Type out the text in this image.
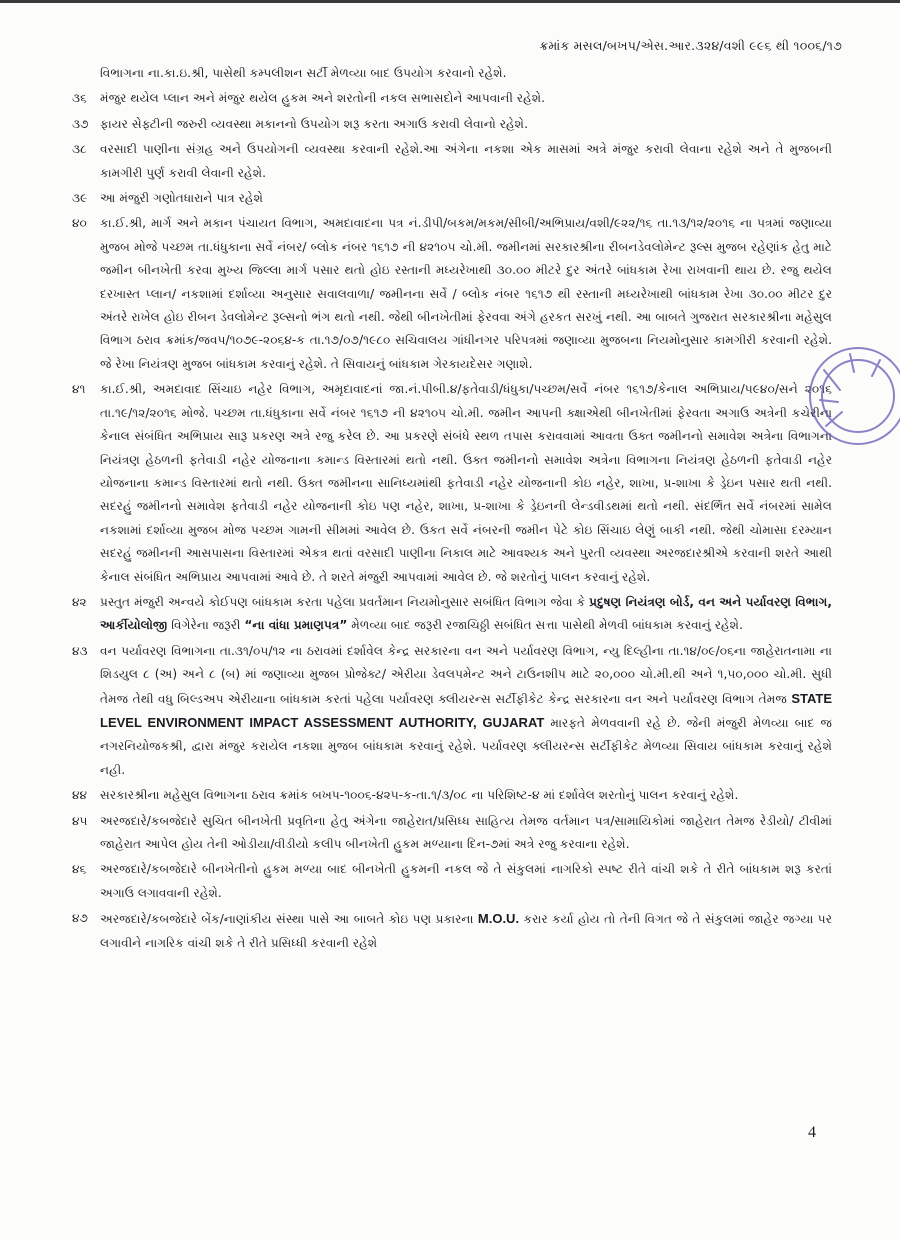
ક્રમાંક મસલ/બખપ/એસ.આર.૩૨૪/વશી ૯૯૬ થી ૧૦૦૬/૧૭
વિભાગના ના.કા.ઇ.શ્રી, પાસેથી કમ્પલીશન સર્ટી મેળવ્યા બાદ ઉપયોગ કરવાનો રહેશે.
૩૬	મંજુર થયેલ પ્લાન અને મંજુર થયેલ હુકમ અને શરતોની નકલ સભાસદોને આપવાની રહેશે.
૩૭ ફાયર સેફ્ટીની જરુરી વ્યવસ્થા મકાનનો ઉપયોગ શરૂ કરતા અગાઉ કરાવી લેવાનો રહેશે.
૩૮	વરસાદી પાણીના સંગ્રહ અને ઉપયોગની વ્યવસ્થા કરવાની રહેશે.આ અંગેના નકશા એક માસમાં અત્રે મંજુર કરાવી લેવાના રહેશે અને તે મુજબની કામગીરી પુર્ણ કરાવી લેવાની રહેશે.
૩૯	આ મંજુરી ગણોતધારાને પાત્ર રહેશે
૪૦	કા.ઈ.શ્રી, માર્ગ અને મકાન પંચાયત વિભાગ, અમદાવાદના પત્ર નં.ડીપી/બકમ/મકમ/સીબી/અભિપ્રાય/વશી/૯૨૨/૧૬ તા.૧૩/૧૨/૨૦૧૬ ના પત્રમાં જણાવ્યા મુજબ મોજે પચ્છમ તા.ધંધુકાના સર્વે નંબર/ બ્લોક નંબર ૧૬૧૭ ની ૪૨૧૦૫ ચો.મી. જમીનમાં સરકારશ્રીના રીબનડેવલોમેન્ટ રૂલ્સ મુજબ રહેણાંક હેતુ માટે જમીન બીનખેતી કરવા મુખ્ય જિલ્લા માર્ગ પસાર થતો હોઇ રસ્તાની મધ્યરેખાથી ૩૦.૦૦ મીટરે દુર અંતરે બાંધકામ રેખા રાખવાની થાય છે. રજુ થયેલ દરખાસ્ત પ્લાન/ નકશામાં દર્શાવ્યા અનુસાર સવાલવાળા/ જમીનના સર્વે / બ્લોક નંબર ૧૬૧૭ થી રસ્તાની મધ્યરેખાથી બાંધકામ રેખા ૩૦.૦૦ મીટર દુર અંતરે રાખેલ હોઇ રીબન ડેવલોમેન્ટ રૂલ્સનો ભંગ થતો નથી. જેથી બીનખેતીમાં ફેરવવા અંગે હરકત સરખું નથી. આ બાબતે ગુજરાત સરકારશ્રીના મહેસુલ વિભાગ ઠરાવ ક્રમાંક/જવપ/૧૦૭૯-૨૦૬૪-ક તા.૧૭/૦૭/૧૯૮૦ સચિવાલય ગાંધીનગર પરિપત્રમાં જણાવ્યા મુજબના નિયમોનુસાર કામગીરી કરવાની રહેશે. જે રેખા નિયંત્રણ મુજબ બાંધકામ કરવાનું રહેશે. તે સિવાયનું બાંધકામ ગેરકાયદેસર ગણાશે.
૪૧	કા.ઈ.શ્રી, અમદાવાદ સિંચાઇ નહેર વિભાગ, અમૃદાવાદનાં જા.નં.પીબી.૪/ફતેવાડી/ધંધુકા/પચ્છમ/સર્વે નંબર ૧૬૧૭/કેનાલ અભિપ્રાય/૫૯૪૦/સને ૨૦૧૬ તા.૧૯/૧૨/૨૦૧૬ મોજે. પચ્છમ તા.ધંધુકાના સર્વે નંબર ૧૬૧૭ ની ૪૨૧૦૫ ચો.મી. જમીન આપની ક્ક્ષાએથી બીનખેતીમાં ફેરવતા અગાઉ અત્રેની કચેરીના કેનાલ સંબંધિત અભિપ્રાય સારૂ પ્રકરણ અત્રે રજુ કરેલ છે. આ પ્રકરણે સંબંધે સ્થળ તપાસ કરાવવામાં આવતા ઉક્ત જમીનનો સમાવેશ અત્રેના વિભાગના નિયંત્રણ હેઠળની ફતેવાડી નહેર યોજનાના કમાન્ડ વિસ્તારમાં થતો નથી. ઉક્ત જમીનનો સમાવેશ અત્રેના વિભાગના નિયંત્રણ હેઠળની ફતેવાડી નહેર યોજનાના કમાન્ડ વિસ્તારમાં થતો નથી. ઉક્ત જમીનના સાનિધ્યમાંથી ફતેવાડી નહેર યોજનાની કોઇ નહેર, શાખા, પ્ર-શાખા કે ડ્રેઇન પસાર થતી નથી. સદરહું જમીનનો સમાવેશ ફતેવાડી નહેર યોજનાની કોઇ પણ નહેર, શાખા, પ્ર-શાખા કે ડ્રેઇનની લેન્ડવીડથમાં થતો નથી. સંદર્ભિત સર્વે નંબરમાં સામેલ નકશામાં દર્શાવ્યા મુજબ મોજ પચ્છમ ગામની સીમમાં આવેલ છે. ઉકત સર્વે નંબરની જમીન પેટે કોઇ સિંચાઇ લેણું બાકી નથી. જેથી ચોમાસા દરમ્યાન સદરહું જમીનની આસપાસના વિસ્તારમાં એકત્ર થતાં વરસાદી પાણીના નિકાલ માટે આવશ્યક અને પુરતી વ્યવસ્થા અરજદારશ્રીએ કરવાની શરતે આથી કેનાલ સંબંધિત અભિપ્રાય આપવામાં આવે છે. તે શરતે મંજુરી આપવામાં આવેલ છે. જે શરતોનું પાલન કરવાનું રહેશે.
૪૨	પ્રસ્તુત મંજુરી અન્વયે કોઈપણ બાંધકામ કરતા પહેલા પ્રવર્તમાન નિયમોનુસાર સબંધિત વિભાગ જેવા કે પ્રદુષણ નિયંત્રણ બોર્ડ, વન અને પર્યાવરણ વિભાગ, આર્કીયોલોજી વિગેરેના જરૂરી “ના વાંધા પ્રમાણપત્ર” મેળવ્યા બાદ જરૂરી રજાચિઠ્ઠી સબંધિત સત્તા પાસેથી મેળવી બાંધકામ કરવાનું રહેશે.
૪૩	વન પર્યાવરણ વિભાગના તા.૩૧/૦૫/૧૨ ના ઠરાવમાં દર્શાવેલ કેન્દ્ર સરકારના વન અને પર્યાવરણ વિભાગ, ન્યુ દિલ્હીના તા.૧૪/૦૯/૦૬ના જાહેરાતનામા ના શિડયુલ ૮ (અ) અને ૮ (બ) માં જણાવ્યા મુજબ પ્રોજેક્ટ/ એરીયા ડેવલપમેન્ટ અને ટાઉનશીપ માટે ૨૦,૦૦૦ ચો.મી.થી અને ૧,૫૦,૦૦૦ ચો.મી. સુધી તેમજ તેથી વધુ બિલ્ડઅપ એરીયાના બાંધકામ કરતાં પહેલા પર્યાવરણ ક્લીયરન્સ સર્ટીફીકેટ કેન્દ્ર સરકારના વન અને પર્યાવરણ વિભાગ તેમજ STATE LEVEL ENVIRONMENT IMPACT ASSESSMENT AUTHORITY, GUJARAT મારફતે મેળવવાની રહે છે. જેની મંજુરી મેળવ્યા બાદ જ નગરનિયોજકશ્રી, દ્વારા મંજુર કરાયેલ નકશા મુજબ બાંધકામ કરવાનું રહેશે. પર્યાવરણ ક્લીયરન્સ સર્ટીફીકેટ મેળવ્યા સિવાય બાંધકામ કરવાનું રહેશે નહી.
૪૪	સરકારશ્રીના મહેસુલ વિભાગના ઠરાવ ક્રમાંક બખપ-૧૦૦૬-૪૨૫-ક-તા.૧/૩/૦૮ ના પરિશિષ્ટ-૪ માં દર્શાવેલ શરતોનું પાલન કરવાનું રહેશે.
૪૫	અરજદારે/કબજેદારે સુચિત બીનખેતી પ્રવૃતિના હેતુ અંગેના જાહેરાત/પ્રસિધ્ધ સાહિત્ય તેમજ વર્તમાન પત્ર/સામાયિકોમાં જાહેરાત તેમજ રેડીયો/ ટીવીમાં જાહેરાત આપેલ હોય તેની ઓડીયા/વીડીયો કલીપ બીનખેતી હુકમ મળ્યાના દિન-૭માં અત્રે રજુ કરવાના રહેશે.
૪૬	અરજદારે/કબજેદારે બીનખેતીનો હુકમ મળ્યા બાદ બીનખેતી હુકમની નકલ જે તે સંકુલમાં નાગરિકો સ્પષ્ટ રીતે વાંચી શકે તે રીતે બાંધકામ શરૂ કરતાં અગાઉ લગાવવાની રહેશે.
૪૭ અરજદારે/કબજેદારે બેંક/નાણાંકીય સંસ્થા પાસે આ બાબતે કોઇ પણ પ્રકારના M.O.U. કરાર કર્યા હોય તો તેની વિગત જે તે સંકુલમાં જાહેર જગ્યા પર લગાવીને નાગરિક વાંચી શકે તે રીતે પ્રસિધ્ધી કરવાની રહેશે
4
